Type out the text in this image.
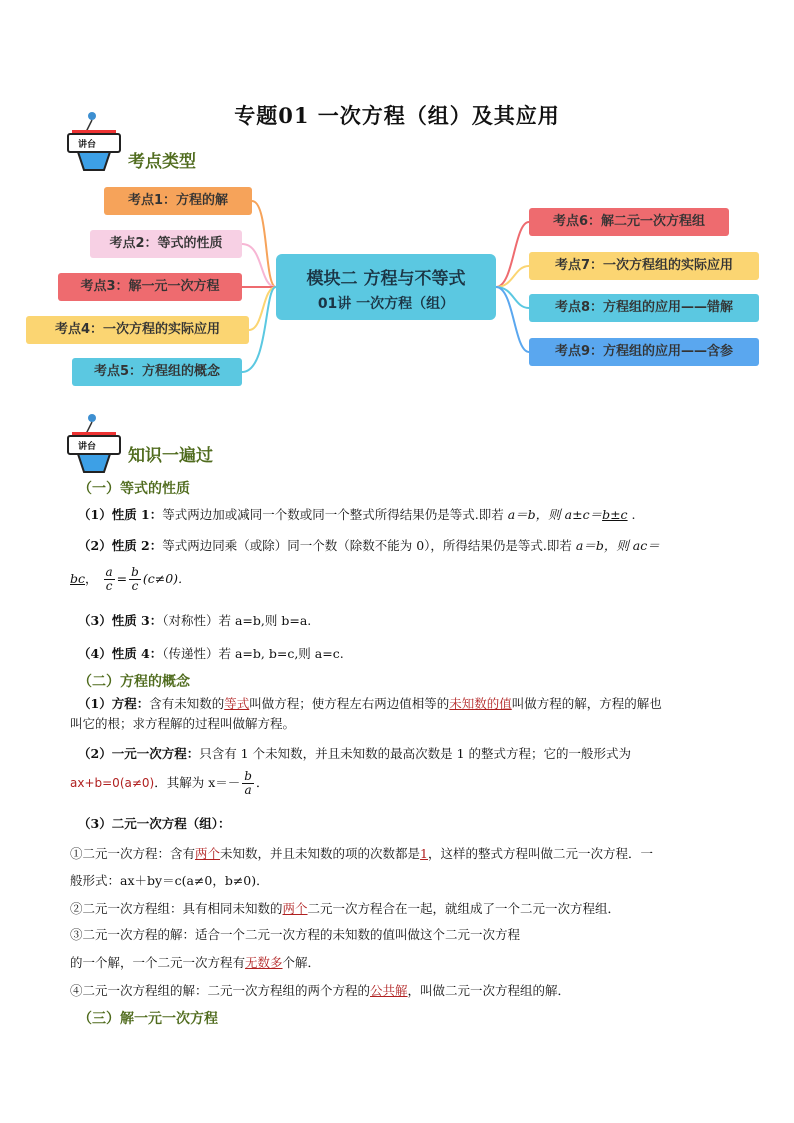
专题01 一次方程（组）及其应用
讲台
考点类型
考点1：方程的解
考点2：等式的性质
考点3：解一元一次方程
考点4：一次方程的实际应用
考点5：方程组的概念
模块二 方程与不等式
01讲 一次方程（组）
考点6：解二元一次方程组
考点7：一次方程组的实际应用
考点8：方程组的应用——错解
考点9：方程组的应用——含参
讲台 知识一遍过
（一）等式的性质
（1）性质 1：等式两边加或减同一个数或同一个整式所得结果仍是等式.即若 a＝b，则 a±c＝b±c .
（2）性质 2：等式两边同乘（或除）同一个数（除数不能为 0），所得结果仍是等式.即若 a＝b，则 ac＝
bc， $\frac{a}{c} = \frac{b}{c} (c\ne 0)$．
（3）性质 3：（对称性）若 a=b,则 b=a.
（4）性质 4：（传递性）若 a=b, b=c,则 a=c.
（二）方程的概念
（1）方程：含有未知数的等式叫做方程；使方程左右两边值相等的未知数的值叫做方程的解，方程的解也
叫它的根；求方程解的过程叫做解方程。
（2）一元一次方程：只含有 1 个未知数，并且未知数的最高次数是 1 的整式方程；它的一般形式为
ax+b=0(a≠0)．其解为 $x=- \frac{b}{a}$ ．
（3）二元一次方程（组）：
①二元一次方程：含有两个未知数，并且未知数的项的次数都是1，这样的整式方程叫做二元一次方程．一
般形式：ax＋by＝c(a≠0，b≠0)．
②二元一次方程组：具有相同未知数的两个二元一次方程合在一起，就组成了一个二元一次方程组．
③二元一次方程的解：适合一个二元一次方程的未知数的值叫做这个二元一次方程
的一个解，一个二元一次方程有无数多个解．
④二元一次方程组的解：二元一次方程组的两个方程的公共解，叫做二元一次方程组的解．
（三）解一元一次方程
